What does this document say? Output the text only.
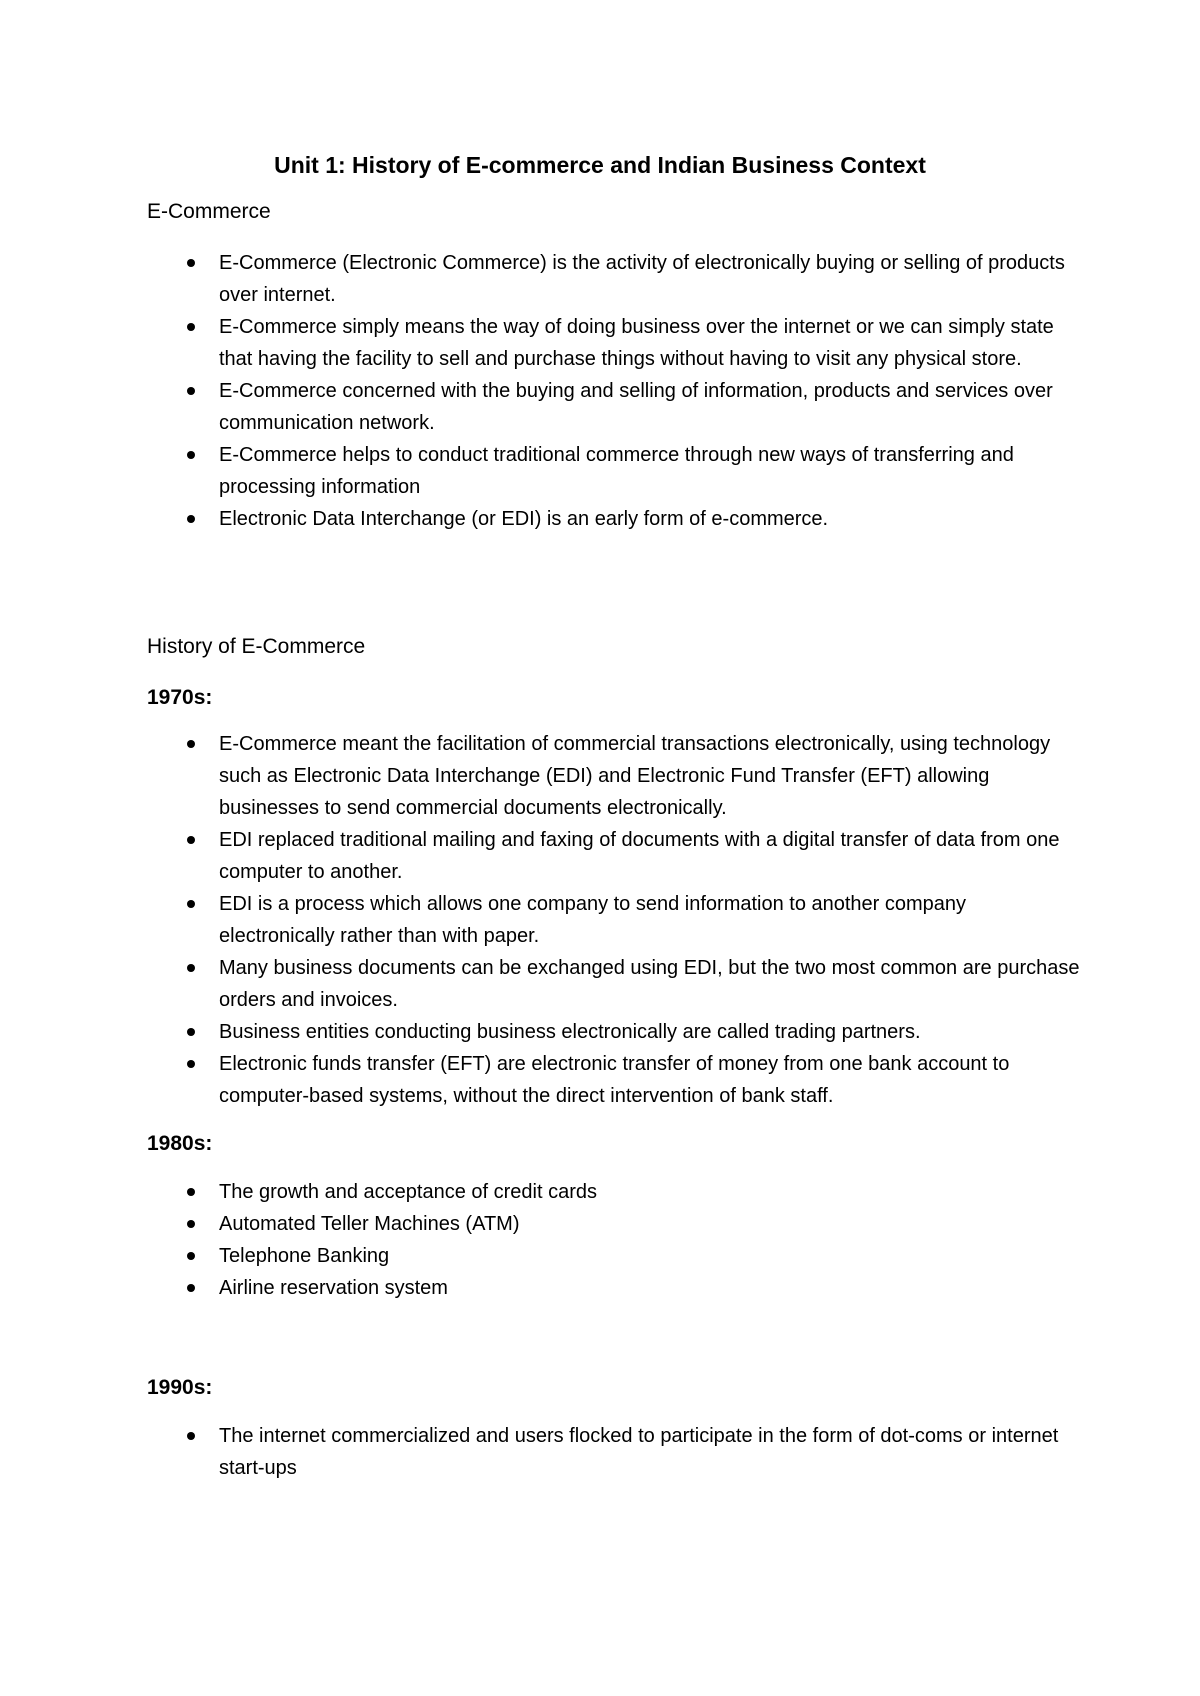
Unit 1: History of E-commerce and Indian Business Context
E-Commerce
E-Commerce (Electronic Commerce) is the activity of electronically buying or selling of products over internet.
E-Commerce simply means the way of doing business over the internet or we can simply state that having the facility to sell and purchase things without having to visit any physical store.
E-Commerce concerned with the buying and selling of information, products and services over communication network.
E-Commerce helps to conduct traditional commerce through new ways of transferring and processing information
Electronic Data Interchange (or EDI) is an early form of e-commerce.
History of E-Commerce
1970s:
E-Commerce meant the facilitation of commercial transactions electronically, using technology such as Electronic Data Interchange (EDI) and Electronic Fund Transfer (EFT) allowing businesses to send commercial documents electronically.
EDI replaced traditional mailing and faxing of documents with a digital transfer of data from one computer to another.
EDI is a process which allows one company to send information to another company electronically rather than with paper.
Many business documents can be exchanged using EDI, but the two most common are purchase orders and invoices.
Business entities conducting business electronically are called trading partners.
Electronic funds transfer (EFT) are electronic transfer of money from one bank account to computer-based systems, without the direct intervention of bank staff.
1980s:
The growth and acceptance of credit cards
Automated Teller Machines (ATM)
Telephone Banking
Airline reservation system
1990s:
The internet commercialized and users flocked to participate in the form of dot-coms or internet start-ups
